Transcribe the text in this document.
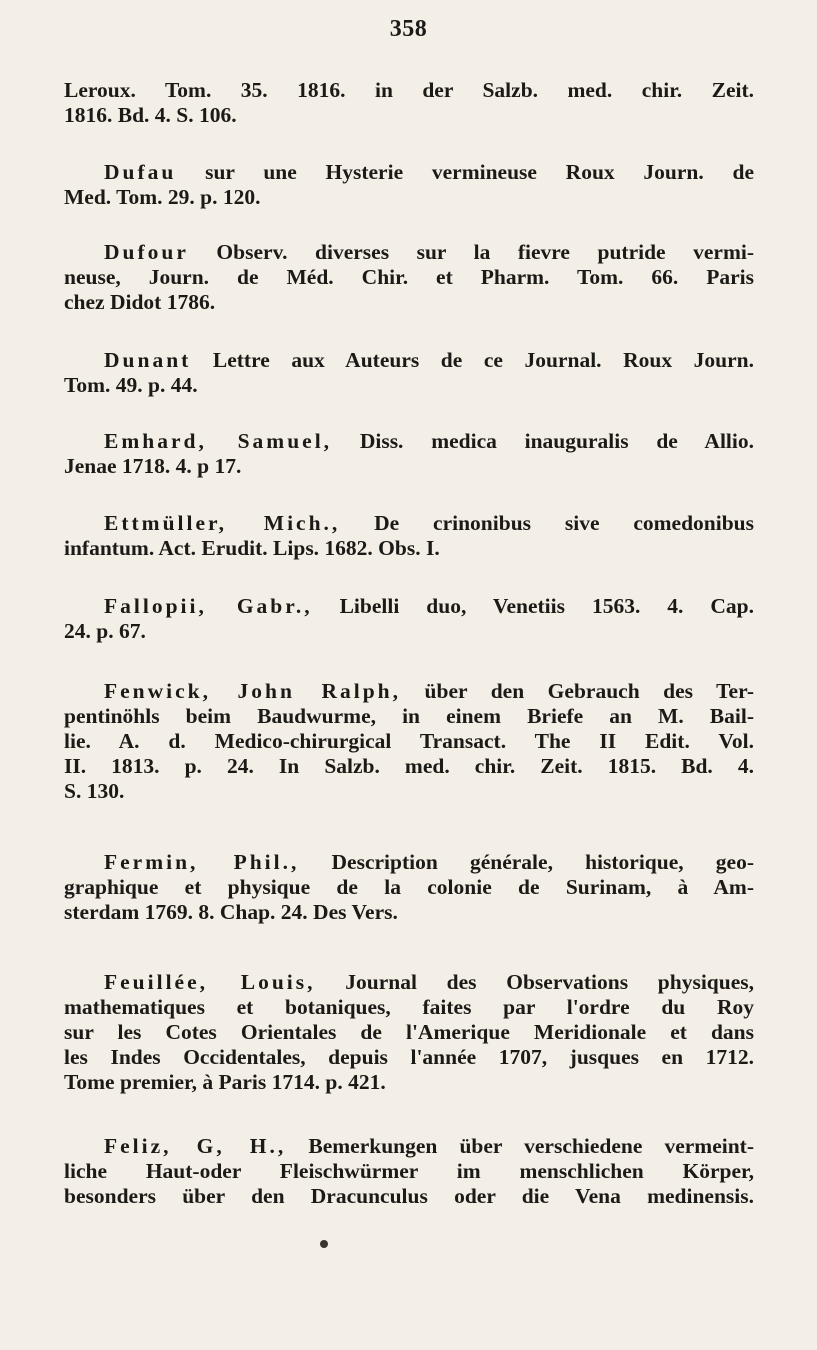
358
Leroux. Tom. 35. 1816. in der Salzb. med. chir. Zeit.
1816. Bd. 4. S. 106.
Dufau sur une Hysterie vermineuse Roux Journ. de
Med. Tom. 29. p. 120.
Dufour Observ. diverses sur la fievre putride vermi-
neuse, Journ. de Méd. Chir. et Pharm. Tom. 66. Paris
chez Didot 1786.
Dunant Lettre aux Auteurs de ce Journal. Roux Journ.
Tom. 49. p. 44.
Emhard, Samuel, Diss. medica inauguralis de Allio.
Jenae 1718. 4. p 17.
Ettmüller, Mich., De crinonibus sive comedonibus
infantum. Act. Erudit. Lips. 1682. Obs. I.
Fallopii, Gabr., Libelli duo, Venetiis 1563. 4. Cap.
24. p. 67.
Fenwick, John Ralph, über den Gebrauch des Ter-
pentinöhls beim Baudwurme, in einem Briefe an M. Bail-
lie. A. d. Medico-chirurgical Transact. The II Edit. Vol.
II. 1813. p. 24. In Salzb. med. chir. Zeit. 1815. Bd. 4.
S. 130.
Fermin, Phil., Description générale, historique, geo-
graphique et physique de la colonie de Surinam, à Am-
sterdam 1769. 8. Chap. 24. Des Vers.
Feuillée, Louis, Journal des Observations physiques,
mathematiques et botaniques, faites par l'ordre du Roy
sur les Cotes Orientales de l'Amerique Meridionale et dans
les Indes Occidentales, depuis l'année 1707, jusques en 1712.
Tome premier, à Paris 1714. p. 421.
Feliz, G, H., Bemerkungen über verschiedene vermeint-
liche Haut-oder Fleischwürmer im menschlichen Körper,
besonders über den Dracunculus oder die Vena medinensis.
